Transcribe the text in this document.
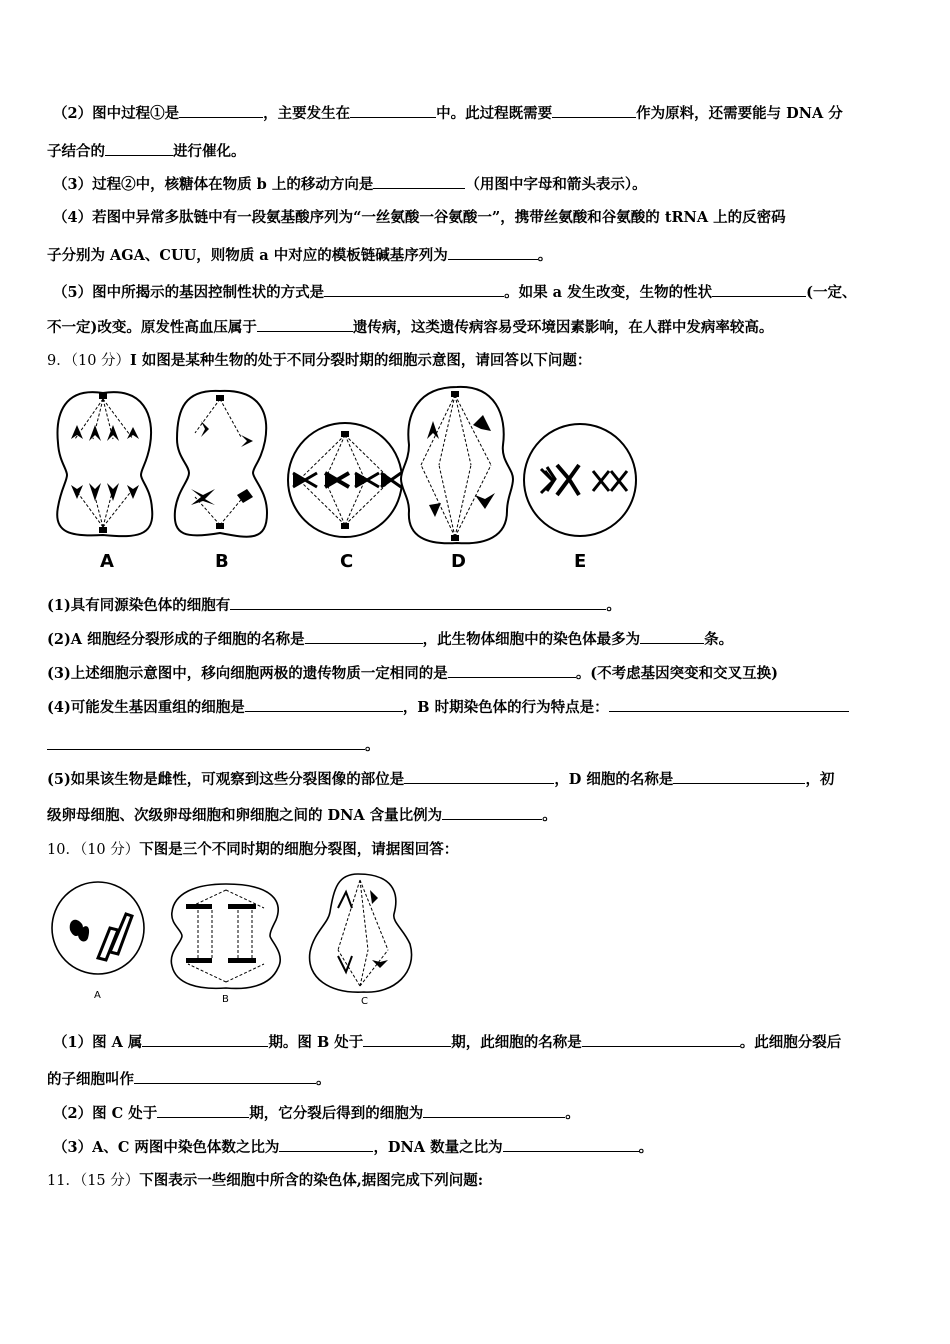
（2）图中过程①是	，主要发生在	中。此过程既需要	作为原料，还需要能与 DNA 分
子结合的	进行催化。
（3）过程②中，核糖体在物质 b 上的移动方向是	（用图中字母和箭头表示）。
（4）若图中异常多肽链中有一段氨基酸序列为“一丝氨酸一谷氨酸一”，携带丝氨酸和谷氨酸的 tRNA 上的反密码
子分别为 AGA、CUU，则物质 a 中对应的模板链碱基序列为	。
（5）图中所揭示的基因控制性状的方式是	。如果 a 发生改变，生物的性状	(一定、
不一定)改变。原发性高血压属于	遗传病，这类遗传病容易受环境因素影响，在人群中发病率较高。
9．（10 分）I 如图是某种生物的处于不同分裂时期的细胞示意图，请回答以下问题：
A	B	C	D	E
(1)具有同源染色体的细胞有	。
(2)A 细胞经分裂形成的子细胞的名称是	，此生物体细胞中的染色体最多为	条。
(3)上述细胞示意图中，移向细胞两极的遗传物质一定相同的是	。(不考虑基因突变和交叉互换)
(4)可能发生基因重组的细胞是	，B 时期染色体的行为特点是：
。
(5)如果该生物是雌性，可观察到这些分裂图像的部位是	，D 细胞的名称是	，初
级卵母细胞、次级卵母细胞和卵细胞之间的 DNA 含量比例为	。
10．（10 分）下图是三个不同时期的细胞分裂图，请据图回答：
A	B	C
（1）图 A 属	期。图 B 处于	期，此细胞的名称是	。此细胞分裂后
的子细胞叫作	。
（2）图 C 处于	期，它分裂后得到的细胞为	。
（3）A、C 两图中染色体数之比为	，DNA 数量之比为	。
11．（15 分）下图表示一些细胞中所含的染色体,据图完成下列问题:
